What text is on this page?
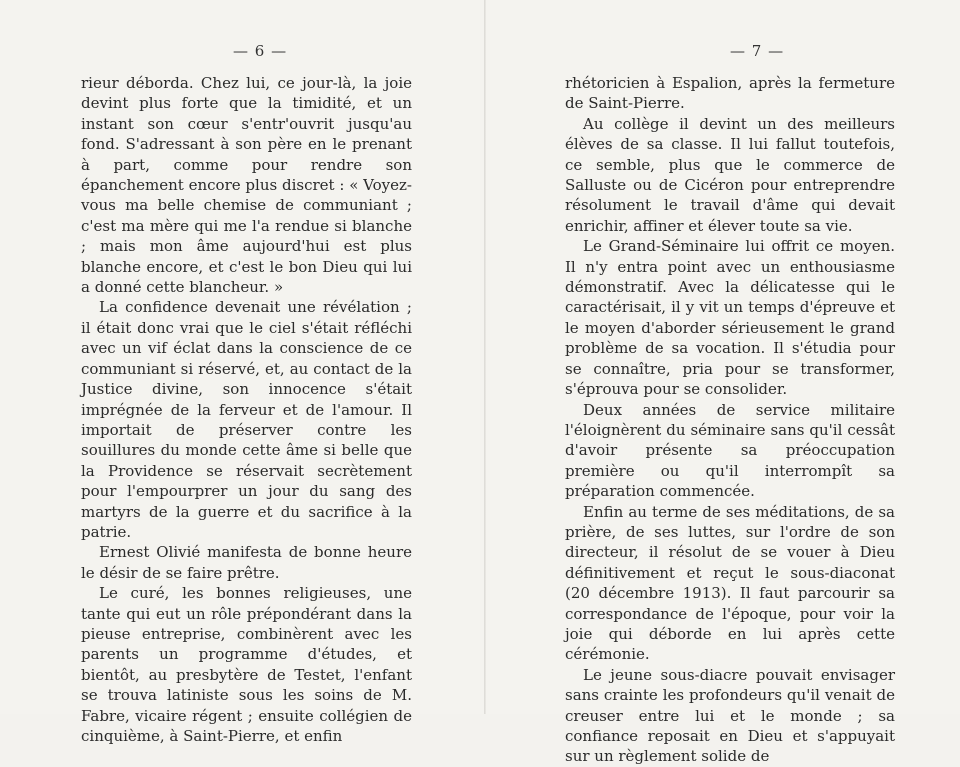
— 6 —

rieur déborda. Chez lui, ce jour-là, la joie devint plus forte que la timidité, et un instant son cœur s'entr'ouvrit jusqu'au fond. S'adressant à son père en le prenant à part, comme pour rendre son épanchement encore plus discret : « Voyez-vous ma belle chemise de communiant ; c'est ma mère qui me l'a rendue si blanche ; mais mon âme aujourd'hui est plus blanche encore, et c'est le bon Dieu qui lui a donné cette blancheur. »

La confidence devenait une révélation ; il était donc vrai que le ciel s'était réfléchi avec un vif éclat dans la conscience de ce communiant si réservé, et, au contact de la Justice divine, son innocence s'était imprégnée de la ferveur et de l'amour. Il importait de préserver contre les souillures du monde cette âme si belle que la Providence se réservait secrètement pour l'empourprer un jour du sang des martyrs de la guerre et du sacrifice à la patrie.

Ernest Olivié manifesta de bonne heure le désir de se faire prêtre.

Le curé, les bonnes religieuses, une tante qui eut un rôle prépondérant dans la pieuse entreprise, combinèrent avec les parents un programme d'études, et bientôt, au presbytère de Testet, l'enfant se trouva latiniste sous les soins de M. Fabre, vicaire régent ; ensuite collégien de cinquième, à Saint-Pierre, et enfin

— 7 —

rhétoricien à Espalion, après la fermeture de Saint-Pierre.

Au collège il devint un des meilleurs élèves de sa classe. Il lui fallut toutefois, ce semble, plus que le commerce de Salluste ou de Cicéron pour entreprendre résolument le travail d'âme qui devait enrichir, affiner et élever toute sa vie.

Le Grand-Séminaire lui offrit ce moyen. Il n'y entra point avec un enthousiasme démonstratif. Avec la délicatesse qui le caractérisait, il y vit un temps d'épreuve et le moyen d'aborder sérieusement le grand problème de sa vocation. Il s'étudia pour se connaître, pria pour se transformer, s'éprouva pour se consolider.

Deux années de service militaire l'éloignèrent du séminaire sans qu'il cessât d'avoir présente sa préoccupation première ou qu'il interrompît sa préparation commencée.

Enfin au terme de ses méditations, de sa prière, de ses luttes, sur l'ordre de son directeur, il résolut de se vouer à Dieu définitivement et reçut le sous-diaconat (20 décembre 1913). Il faut parcourir sa correspondance de l'époque, pour voir la joie qui déborde en lui après cette cérémonie.

Le jeune sous-diacre pouvait envisager sans crainte les profondeurs qu'il venait de creuser entre lui et le monde ; sa confiance reposait en Dieu et s'appuyait sur un règlement solide de
